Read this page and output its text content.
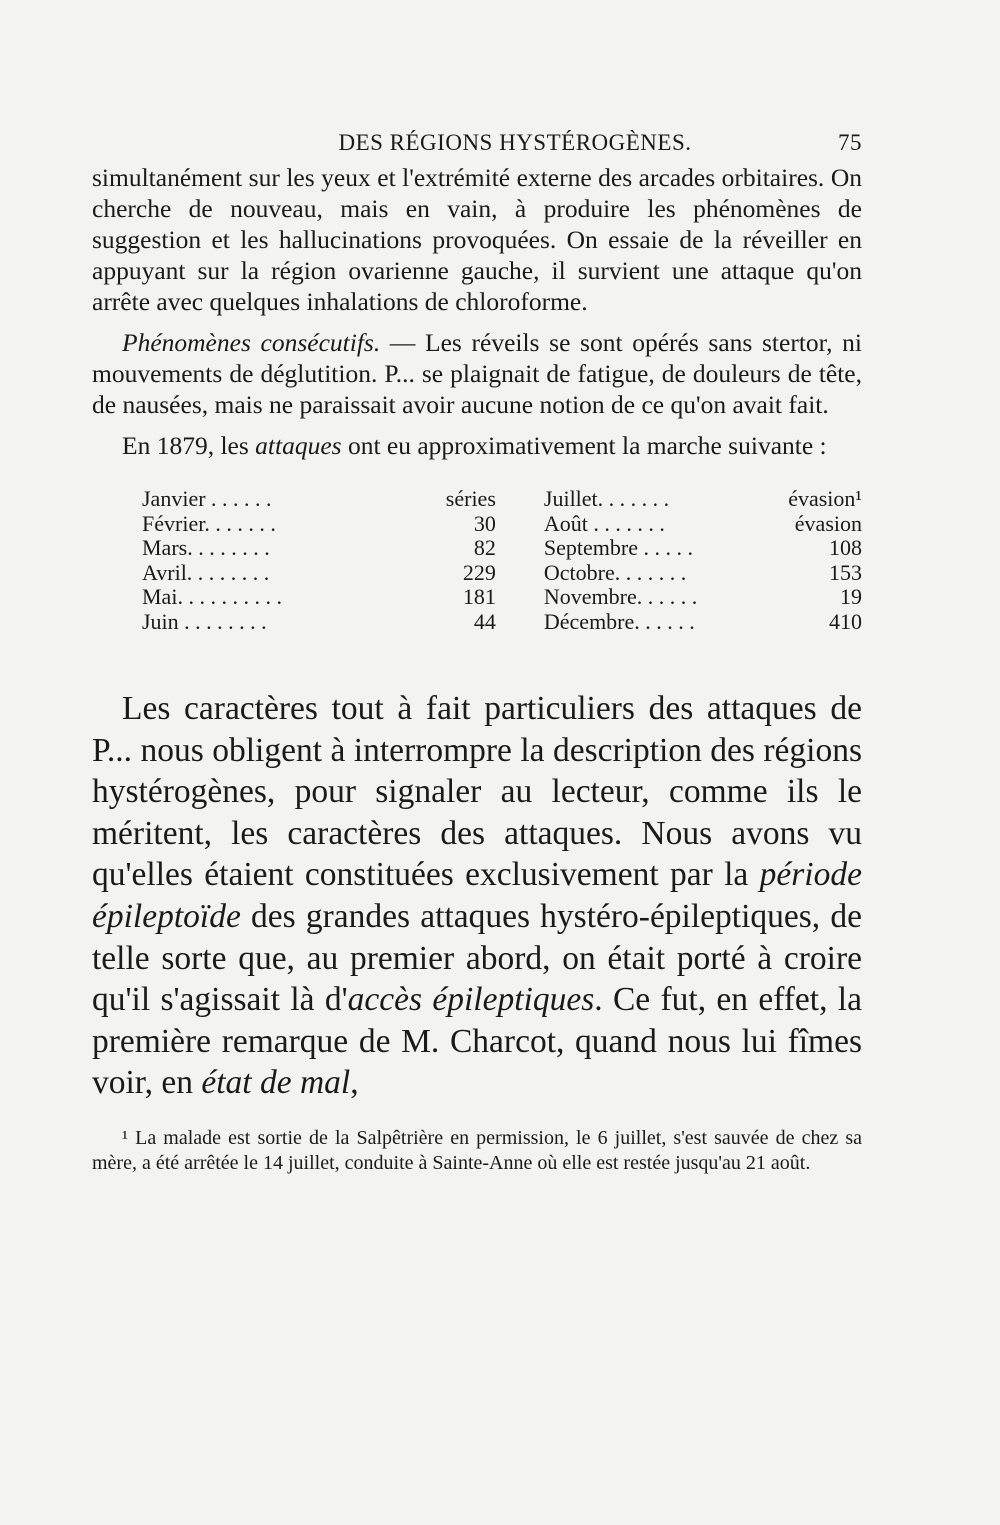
DES RÉGIONS HYSTÉROGÈNES.	75

simultanément sur les yeux et l'extrémité externe des arcades orbitaires. On cherche de nouveau, mais en vain, à produire les phénomènes de suggestion et les hallucinations provoquées. On essaie de la réveiller en appuyant sur la région ovarienne gauche, il survient une attaque qu'on arrête avec quelques inhalations de chloroforme.

Phénomènes consécutifs. — Les réveils se sont opérés sans stertor, ni mouvements de déglutition. P... se plaignait de fatigue, de douleurs de tête, de nausées, mais ne paraissait avoir aucune notion de ce qu'on avait fait.

En 1879, les attaques ont eu approximativement la marche suivante :

Janvier . . . . . .	séries
Février. . . . . . .	30
Mars. . . . . . . .	82
Avril. . . . . . . .	229
Mai. . . . . . . . . .	181
Juin . . . . . . . .	44
Juillet. . . . . . .	évasion¹
Août . . . . . . .	évasion
Septembre . . . . .	108
Octobre. . . . . . .	153
Novembre. . . . . .	19
Décembre. . . . . .	410

Les caractères tout à fait particuliers des attaques de P... nous obligent à interrompre la description des régions hystérogènes, pour signaler au lecteur, comme ils le méritent, les caractères des attaques. Nous avons vu qu'elles étaient constituées exclusivement par la période épileptoïde des grandes attaques hystéro-épileptiques, de telle sorte que, au premier abord, on était porté à croire qu'il s'agissait là d'accès épileptiques. Ce fut, en effet, la première remarque de M. Charcot, quand nous lui fîmes voir, en état de mal,

¹ La malade est sortie de la Salpêtrière en permission, le 6 juillet, s'est sauvée de chez sa mère, a été arrêtée le 14 juillet, conduite à Sainte-Anne où elle est restée jusqu'au 21 août.
